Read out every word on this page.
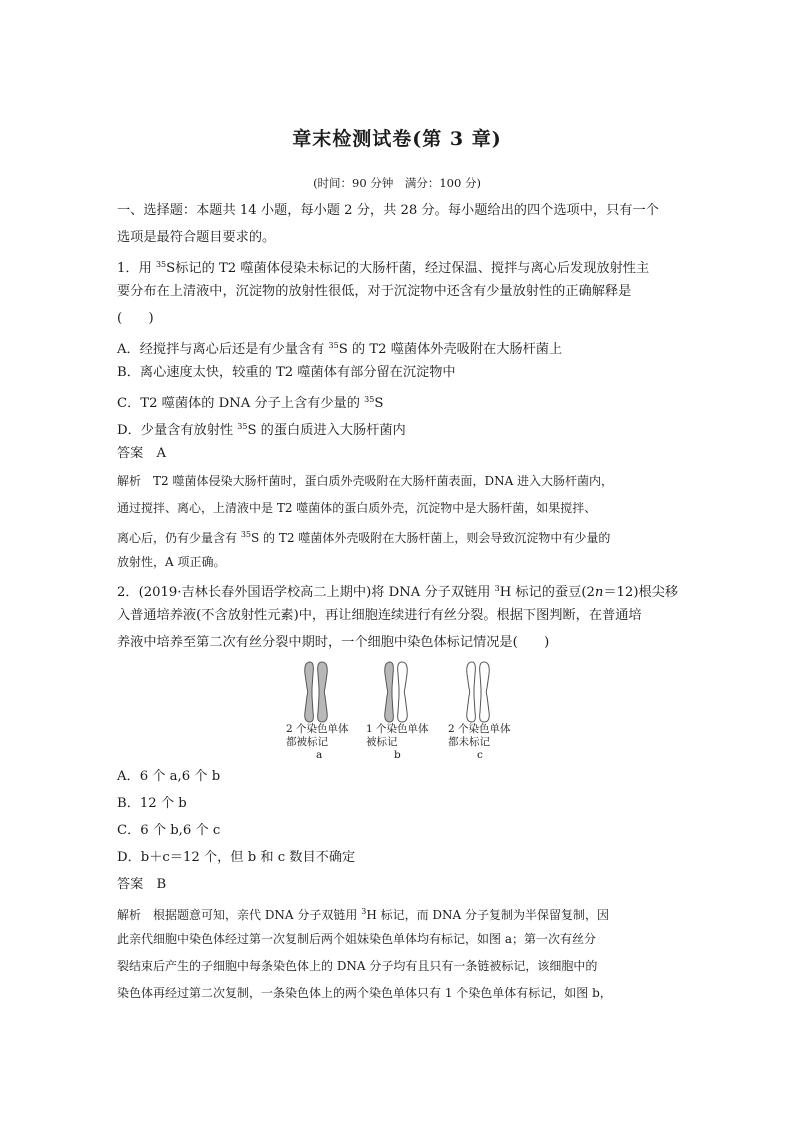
章末检测试卷(第 3 章)
(时间：90 分钟　满分：100 分)
一、选择题：本题共 14 小题，每小题 2 分，共 28 分。每小题给出的四个选项中，只有一个
选项是最符合题目要求的。
1．用 $^{35}$S标记的 T2 噬菌体侵染未标记的大肠杆菌，经过保温、搅拌与离心后发现放射性主
要分布在上清液中，沉淀物的放射性很低，对于沉淀物中还含有少量放射性的正确解释是
(　　)
A．经搅拌与离心后还是有少量含有 $^{35}$S 的 T2 噬菌体外壳吸附在大肠杆菌上
B．离心速度太快，较重的 T2 噬菌体有部分留在沉淀物中
C．T2 噬菌体的 DNA 分子上含有少量的 $^{35}$S
D．少量含有放射性 $^{35}$S 的蛋白质进入大肠杆菌内
答案　A
解析　T2 噬菌体侵染大肠杆菌时，蛋白质外壳吸附在大肠杆菌表面，DNA 进入大肠杆菌内，
通过搅拌、离心，上清液中是 T2 噬菌体的蛋白质外壳，沉淀物中是大肠杆菌，如果搅拌、
离心后，仍有少量含有 $^{35}$S 的 T2 噬菌体外壳吸附在大肠杆菌上，则会导致沉淀物中有少量的
放射性，A 项正确。
2．(2019·吉林长春外国语学校高二上期中)将 DNA 分子双链用 $^3$H 标记的蚕豆(2n＝12)根尖移
入普通培养液(不含放射性元素)中，再让细胞连续进行有丝分裂。根据下图判断，在普通培
养液中培养至第二次有丝分裂中期时，一个细胞中染色体标记情况是(　　)
2 个染色单体
都被标记
a
1 个染色单体
被标记
b
2 个染色单体
都未标记
c
A．6 个 a,6 个 b
B．12 个 b
C．6 个 b,6 个 c
D．b＋c＝12 个，但 b 和 c 数目不确定
答案　B
解析　根据题意可知，亲代 DNA 分子双链用 $^3$H 标记，而 DNA 分子复制为半保留复制，因
此亲代细胞中染色体经过第一次复制后两个姐妹染色单体均有标记，如图 a；第一次有丝分
裂结束后产生的子细胞中每条染色体上的 DNA 分子均有且只有一条链被标记，该细胞中的
染色体再经过第二次复制，一条染色体上的两个染色单体只有 1 个染色单体有标记，如图 b，
